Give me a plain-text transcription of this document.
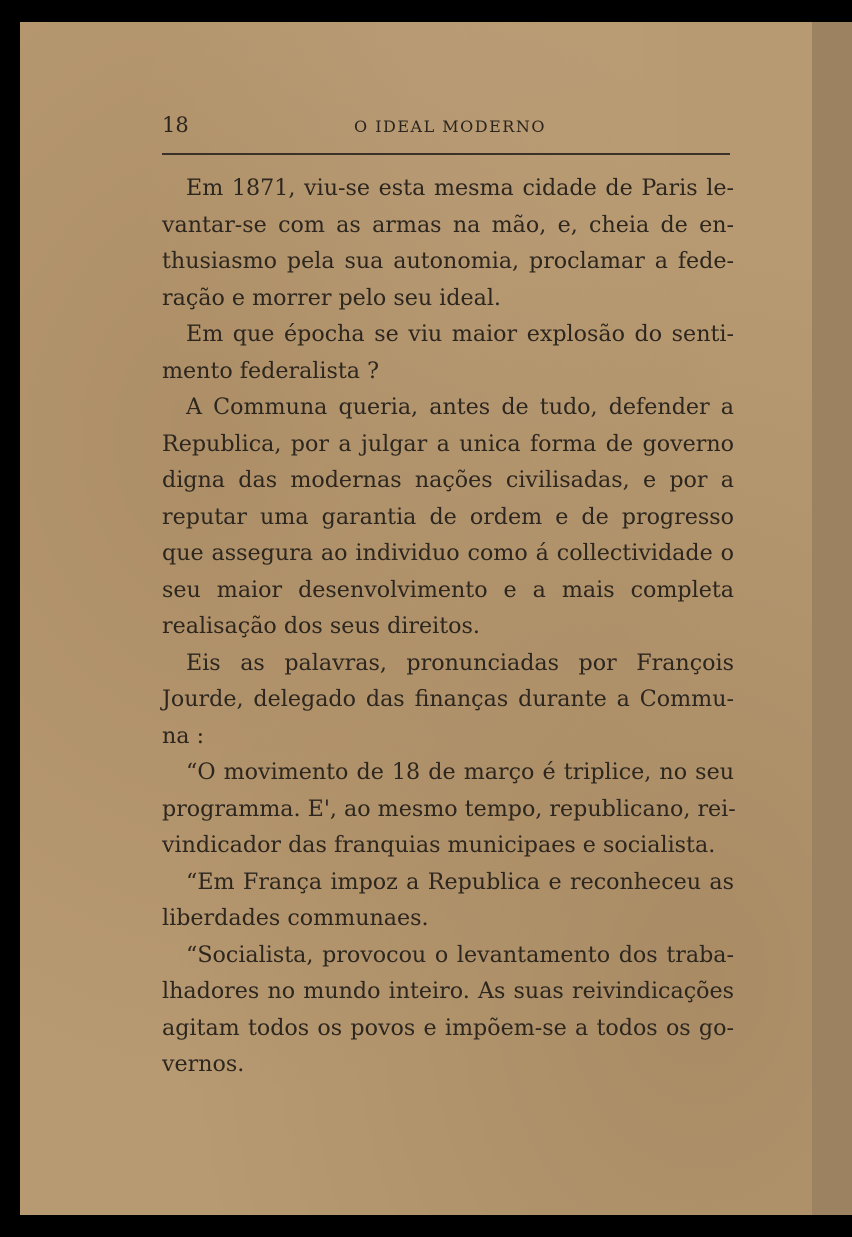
18	O IDEAL MODERNO
Em 1871, viu-se esta mesma cidade de Paris le-
vantar-se com as armas na mão, e, cheia de en-
thusiasmo pela sua autonomia, proclamar a fede-
ração e morrer pelo seu ideal.
Em que épocha se viu maior explosão do senti-
mento federalista ?
A Communa queria, antes de tudo, defender a
Republica, por a julgar a unica forma de governo
digna das modernas nações civilisadas, e por a
reputar uma garantia de ordem e de progresso
que assegura ao individuo como á collectividade o
seu maior desenvolvimento e a mais completa
realisação dos seus direitos.
Eis as palavras, pronunciadas por François
Jourde, delegado das finanças durante a Commu-
na :
“O movimento de 18 de março é triplice, no seu
programma. E', ao mesmo tempo, republicano, rei-
vindicador das franquias municipaes e socialista.
“Em França impoz a Republica e reconheceu as
liberdades communaes.
“Socialista, provocou o levantamento dos traba-
lhadores no mundo inteiro. As suas reivindicações
agitam todos os povos e impõem-se a todos os go-
vernos.
